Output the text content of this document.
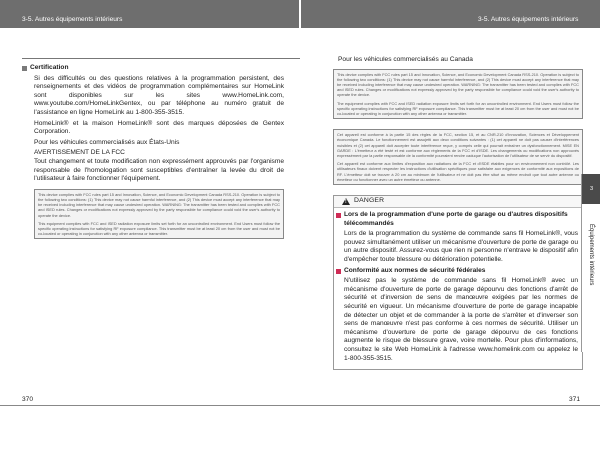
3-5. Autres équipements intérieurs	3-5. Autres équipements intérieurs
Certification

Si des difficultés ou des questions relatives à la programmation persistent, des renseignements et des vidéos de programmation complémentaires sur HomeLink sont disponibles sur les sites www.HomeLink.com, www.youtube.com/HomeLinkGentex, ou par téléphone au numéro gratuit de l'assistance en ligne HomeLink au 1-800-355-3515.

HomeLink® et la maison HomeLink® sont des marques déposées de Gentex Corporation.

Pour les véhicules commercialisés aux États-Unis

AVERTISSEMENT DE LA FCC

Tout changement et toute modification non expressément approuvés par l'organisme responsable de l'homologation sont susceptibles d'entraîner la levée du droit de l'utilisateur à faire fonctionner l'équipement.

This device complies with FCC rules part 15 and Innovation, Science, and Economic Development Canada RSS-210. Operation is subject to the following two conditions: (1) This device may not cause harmful interference, and (2) This device must accept any interference that may be received including interference that may cause undesired operation. WARNING: The transmitter has been tested and complies with FCC and ISED rules. Changes or modifications not expressly approved by the party responsible for compliance could void the user's authority to operate the device.

This equipment complies with FCC and ISED radiation exposure limits set forth for an uncontrolled environment. End Users must follow the specific operating instructions for satisfying RF exposure compliance. This transmitter must be at least 20 cm from the user and must not be co-located or operating in conjunction with any other antenna or transmitter.

Pour les véhicules commercialisés au Canada

This device complies with FCC rules part 15 and Innovation, Science, and Economic Development Canada RSS-210. Operation is subject to the following two conditions: (1) This device may not cause harmful interference, and (2) This device must accept any interference that may be received including interference that may cause undesired operation. WARNING: The transmitter has been tested and complies with FCC and ISED rules. Changes or modifications not expressly approved by the party responsible for compliance could void the user's authority to operate the device.

The equipment complies with FCC and ISED radiation exposure limits set forth for an uncontrolled environment. End Users must follow the specific operating instructions for satisfying RF exposure compliance. This transmitter must be at least 20 cm from the user and must not be co-located or operating in conjunction with any other antenna or transmitter.

Cet appareil est conforme à la partie 15 des règles de la FCC, section 15, et au CNR-210 d'Innovation, Sciences et Développement économique Canada. Le fonctionnement est assujetti aux deux conditions suivantes : (1) cet appareil ne doit pas causer d'interférences nuisibles et (2) cet appareil doit accepter toute interférence reçue, y compris celle qui pourrait entraîner un dysfonctionnement. MISE EN GARDE : L'émetteur a été testé et est conforme aux règlements de la FCC et d'ISDE. Les changements ou modifications non approuvés expressément par la partie responsable de la conformité pourraient rendre caduque l'autorisation de l'utilisateur de se servir du dispositif.

Cet appareil est conforme aux limites d'exposition aux radiations de la FCC et d'ISDE établies pour un environnement non contrôlé. Les utilisateurs finaux doivent respecter les instructions d'utilisation spécifiques pour satisfaire aux exigences de conformité aux expositions de RF. L'émetteur doit se trouver à 20 cm au minimum de l'utilisateur et ne doit pas être situé au même endroit que tout autre antenne ou émetteur ou fonctionner avec un autre émetteur ou antenne.

!
DANGER
Lors de la programmation d'une porte de garage ou d'autres dispositifs télécommandés

Lors de la programmation du système de commande sans fil HomeLink®, vous pouvez simultanément utiliser un mécanisme d'ouverture de porte de garage ou un autre dispositif. Assurez-vous que rien ni personne n'entrave le dispositif afin d'empêcher toute blessure ou détérioration potentielle.

Conformité aux normes de sécurité fédérales

N'utilisez pas le système de commande sans fil HomeLink® avec un mécanisme d'ouverture de porte de garage dépourvu des fonctions d'arrêt de sécurité et d'inversion de sens de manœuvre exigées par les normes de sécurité en vigueur. Un mécanisme d'ouverture de porte de garage incapable de détecter un objet et de commander à la porte de s'arrêter et d'inverser son sens de manœuvre n'est pas conforme à ces normes de sécurité. Utiliser un mécanisme d'ouverture de porte de garage dépourvu de ces fonctions augmente le risque de blessure grave, voire mortelle. Pour plus d'informations, consultez le site Web HomeLink à l'adresse www.homelink.com ou appelez le 1-800-355-3515.

3
Équipements intérieurs
370	371
